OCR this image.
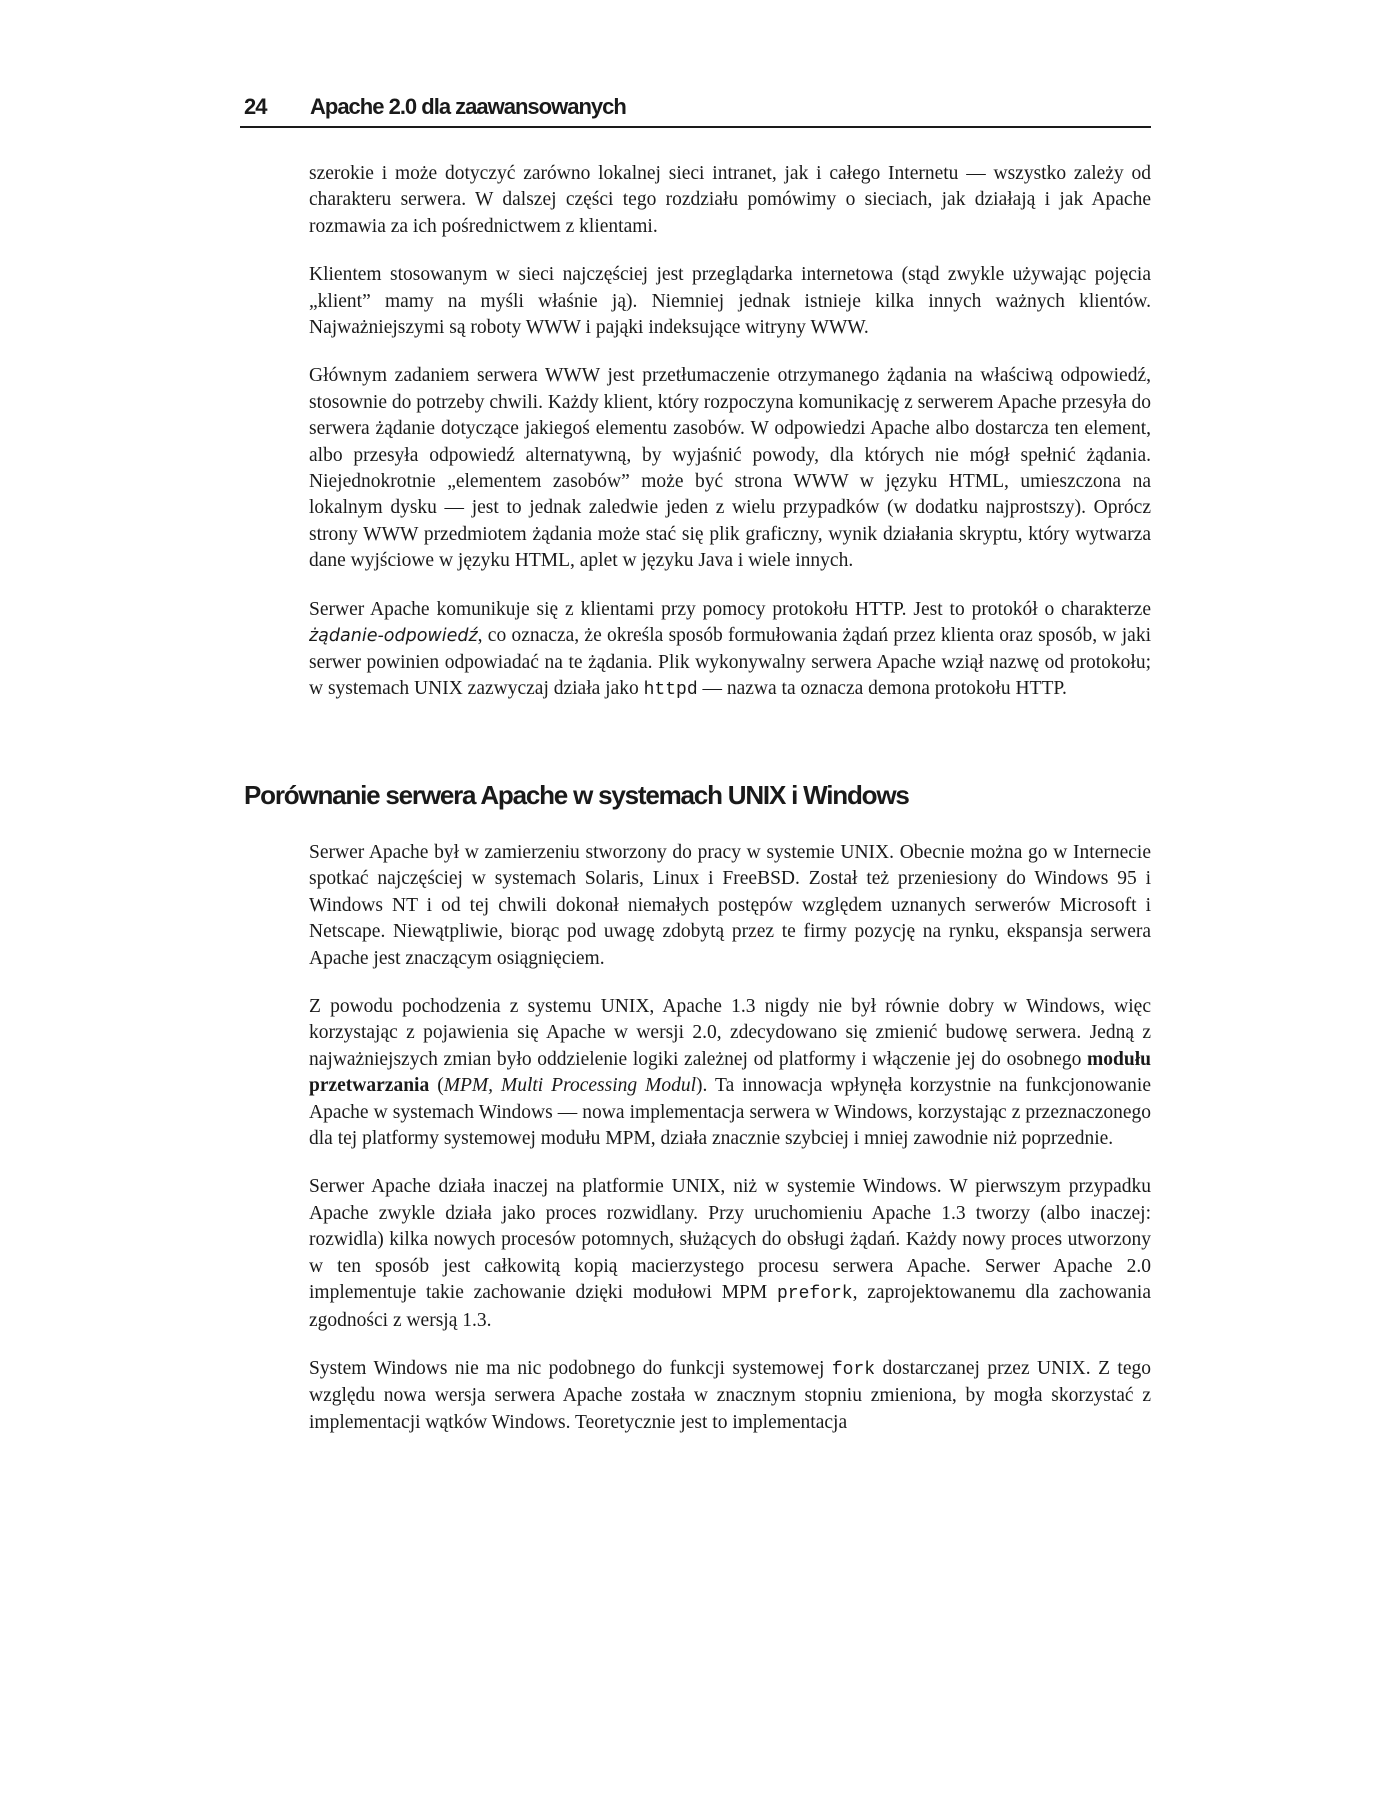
24 Apache 2.0 dla zaawansowanych

szerokie i może dotyczyć zarówno lokalnej sieci intranet, jak i całego Internetu — wszystko zależy od charakteru serwera. W dalszej części tego rozdziału pomówimy o sieciach, jak działają i jak Apache rozmawia za ich pośrednictwem z klientami.

Klientem stosowanym w sieci najczęściej jest przeglądarka internetowa (stąd zwykle używając pojęcia „klient” mamy na myśli właśnie ją). Niemniej jednak istnieje kilka innych ważnych klientów. Najważniejszymi są roboty WWW i pająki indeksujące witryny WWW.

Głównym zadaniem serwera WWW jest przetłumaczenie otrzymanego żądania na właściwą odpowiedź, stosownie do potrzeby chwili. Każdy klient, który rozpoczyna komunikację z serwerem Apache przesyła do serwera żądanie dotyczące jakiegoś elementu zasobów. W odpowiedzi Apache albo dostarcza ten element, albo przesyła odpowiedź alternatywną, by wyjaśnić powody, dla których nie mógł spełnić żądania. Niejednokrotnie „elementem zasobów” może być strona WWW w języku HTML, umieszczona na lokalnym dysku — jest to jednak zaledwie jeden z wielu przypadków (w dodatku najprostszy). Oprócz strony WWW przedmiotem żądania może stać się plik graficzny, wynik działania skryptu, który wytwarza dane wyjściowe w języku HTML, aplet w języku Java i wiele innych.

Serwer Apache komunikuje się z klientami przy pomocy protokołu HTTP. Jest to protokół o charakterze żądanie-odpowiedź, co oznacza, że określa sposób formułowania żądań przez klienta oraz sposób, w jaki serwer powinien odpowiadać na te żądania. Plik wykonywalny serwera Apache wziął nazwę od protokołu; w systemach UNIX zazwyczaj działa jako httpd — nazwa ta oznacza demona protokołu HTTP.

Porównanie serwera Apache w systemach UNIX i Windows

Serwer Apache był w zamierzeniu stworzony do pracy w systemie UNIX. Obecnie można go w Internecie spotkać najczęściej w systemach Solaris, Linux i FreeBSD. Został też przeniesiony do Windows 95 i Windows NT i od tej chwili dokonał niemałych postępów względem uznanych serwerów Microsoft i Netscape. Niewątpliwie, biorąc pod uwagę zdobytą przez te firmy pozycję na rynku, ekspansja serwera Apache jest znaczącym osiągnięciem.

Z powodu pochodzenia z systemu UNIX, Apache 1.3 nigdy nie był równie dobry w Windows, więc korzystając z pojawienia się Apache w wersji 2.0, zdecydowano się zmienić budowę serwera. Jedną z najważniejszych zmian było oddzielenie logiki zależnej od platformy i włączenie jej do osobnego modułu przetwarzania (MPM, Multi Processing Modul). Ta innowacja wpłynęła korzystnie na funkcjonowanie Apache w systemach Windows — nowa implementacja serwera w Windows, korzystając z przeznaczonego dla tej platformy systemowej modułu MPM, działa znacznie szybciej i mniej zawodnie niż poprzednie.

Serwer Apache działa inaczej na platformie UNIX, niż w systemie Windows. W pierwszym przypadku Apache zwykle działa jako proces rozwidlany. Przy uruchomieniu Apache 1.3 tworzy (albo inaczej: rozwidla) kilka nowych procesów potomnych, służących do obsługi żądań. Każdy nowy proces utworzony w ten sposób jest całkowitą kopią macierzystego procesu serwera Apache. Serwer Apache 2.0 implementuje takie zachowanie dzięki modułowi MPM prefork, zaprojektowanemu dla zachowania zgodności z wersją 1.3.

System Windows nie ma nic podobnego do funkcji systemowej fork dostarczanej przez UNIX. Z tego względu nowa wersja serwera Apache została w znacznym stopniu zmieniona, by mogła skorzystać z implementacji wątków Windows. Teoretycznie jest to implementacja
